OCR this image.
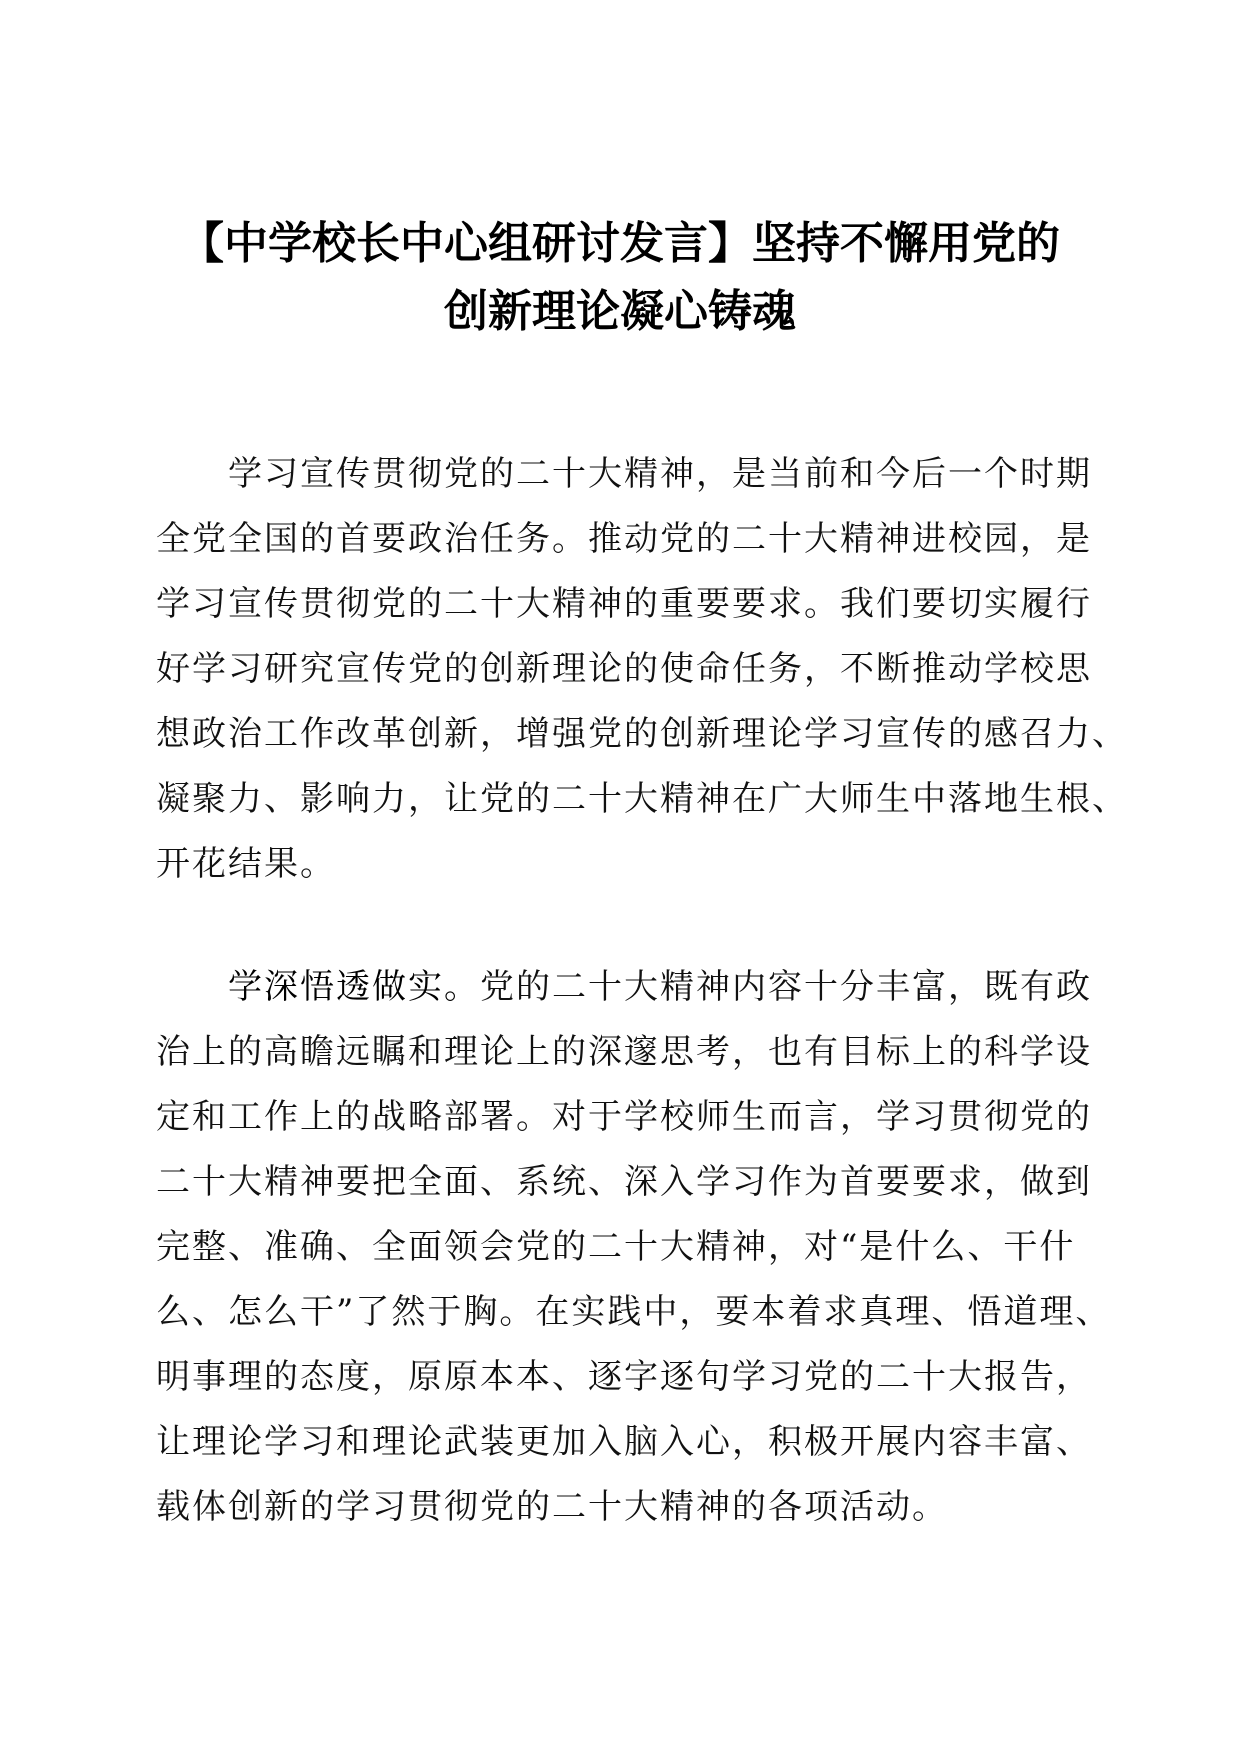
【中学校长中心组研讨发言】坚持不懈用党的
创新理论凝心铸魂

学习宣传贯彻党的二十大精神，是当前和今后一个时期
全党全国的首要政治任务。推动党的二十大精神进校园，是
学习宣传贯彻党的二十大精神的重要要求。我们要切实履行
好学习研究宣传党的创新理论的使命任务，不断推动学校思
想政治工作改革创新，增强党的创新理论学习宣传的感召力、
凝聚力、影响力，让党的二十大精神在广大师生中落地生根、
开花结果。

学深悟透做实。党的二十大精神内容十分丰富，既有政
治上的高瞻远瞩和理论上的深邃思考，也有目标上的科学设
定和工作上的战略部署。对于学校师生而言，学习贯彻党的
二十大精神要把全面、系统、深入学习作为首要要求，做到
完整、准确、全面领会党的二十大精神，对“是什么、干什
么、怎么干”了然于胸。在实践中，要本着求真理、悟道理、
明事理的态度，原原本本、逐字逐句学习党的二十大报告，
让理论学习和理论武装更加入脑入心，积极开展内容丰富、
载体创新的学习贯彻党的二十大精神的各项活动。
